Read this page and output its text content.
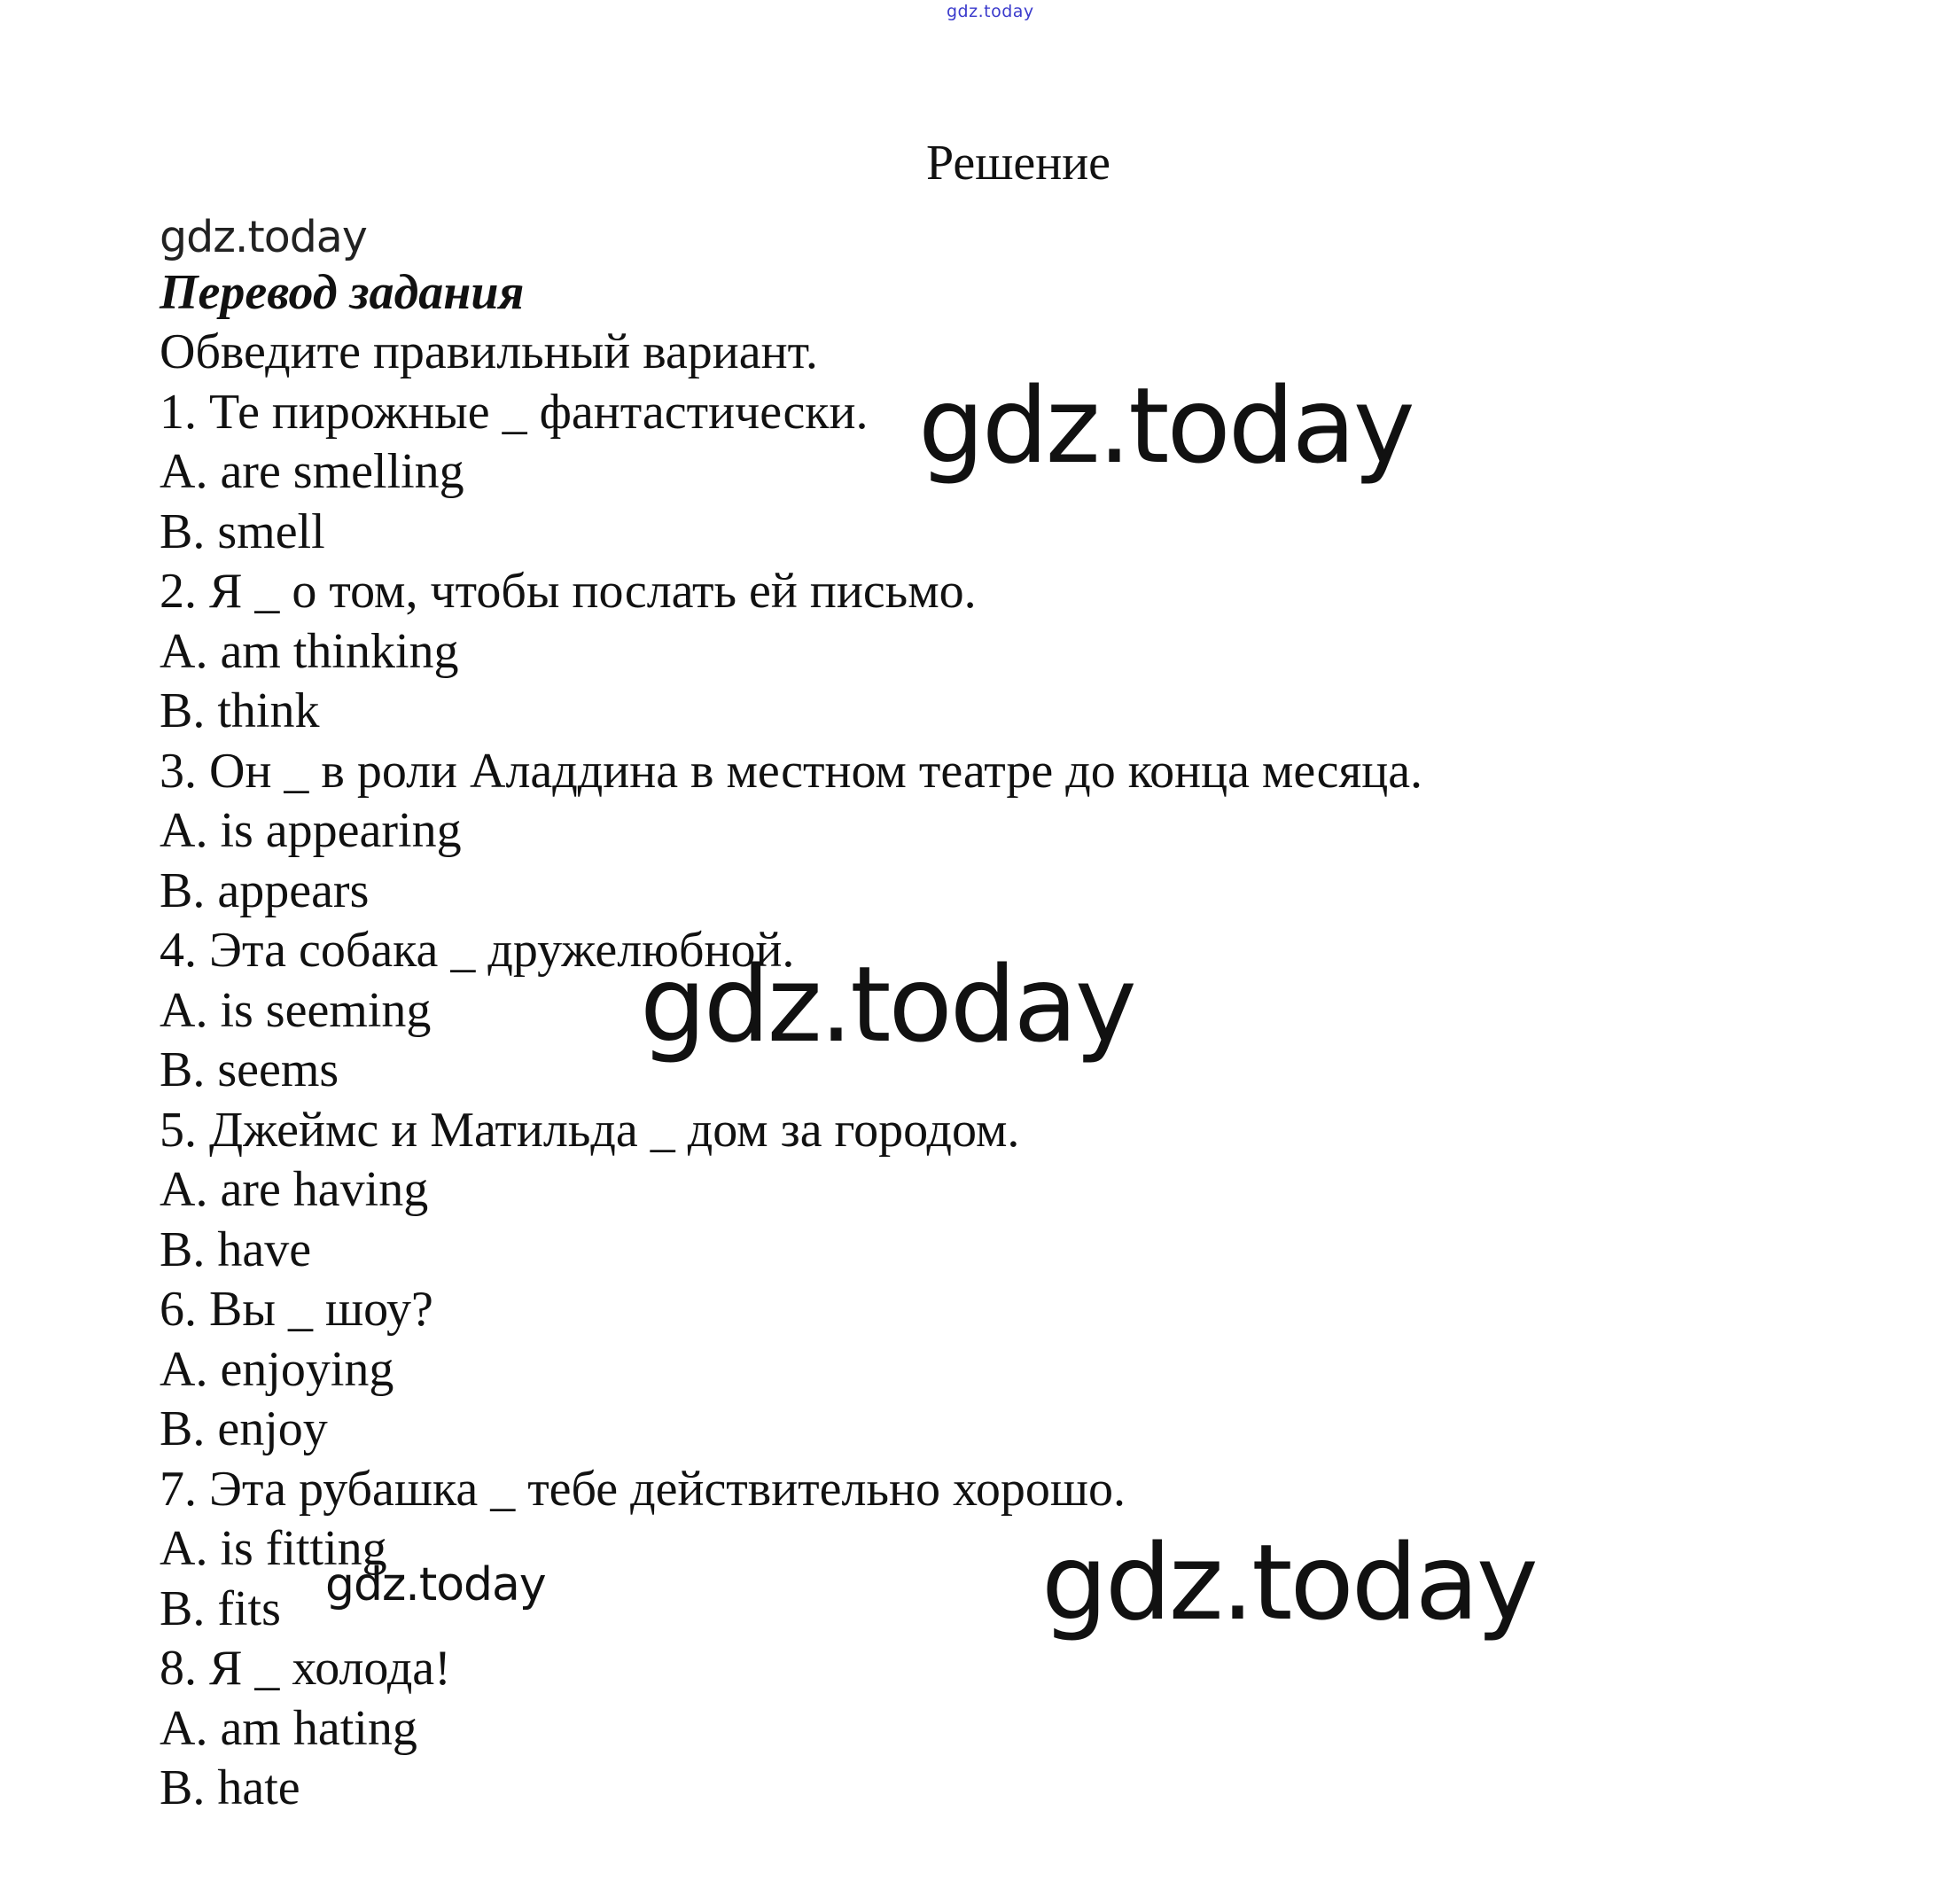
gdz.today
Решение
gdz.today
Перевод задания
Обведите правильный вариант.
1. Те пирожные _ фантастически.
A. are smelling
B. smell
2. Я _ о том, чтобы послать ей письмо.
A. am thinking
B. think
3. Он _ в роли Аладдина в местном театре до конца месяца.
A. is appearing
B. appears
4. Эта собака _ дружелюбной.
A. is seeming
B. seems
5. Джеймс и Матильда _ дом за городом.
A. are having
B. have
6. Вы _ шоу?
A. enjoying
B. enjoy
7. Эта рубашка _ тебе действительно хорошо.
A. is fitting
B. fits
8. Я _ холода!
A. am hating
B. hate
gdz.today
gdz.today
gdz.today
gdz.today
